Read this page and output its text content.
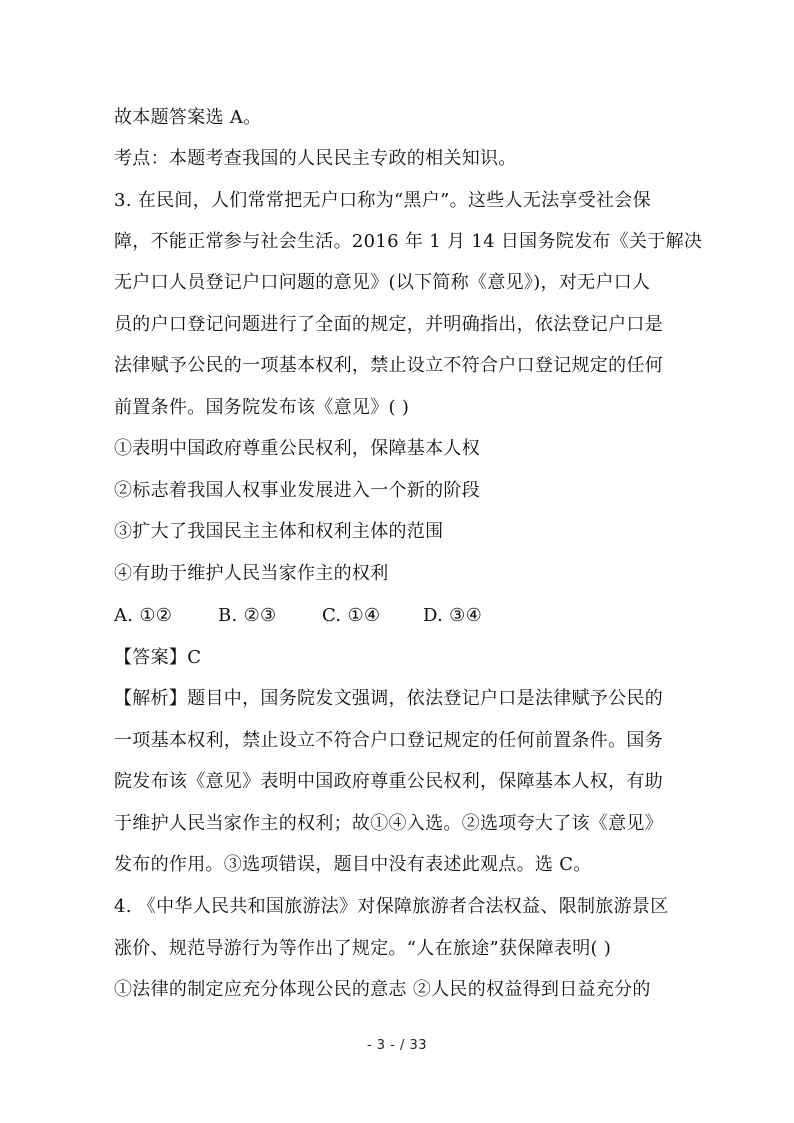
故本题答案选 A。
考点：本题考查我国的人民民主专政的相关知识。
3. 在民间，人们常常把无户口称为“黑户”。这些人无法享受社会保
障，不能正常参与社会生活。2016 年 1 月 14 日国务院发布《关于解决
无户口人员登记户口问题的意见》(以下简称《意见》)，对无户口人
员的户口登记问题进行了全面的规定，并明确指出，依法登记户口是
法律赋予公民的一项基本权利，禁止设立不符合户口登记规定的任何
前置条件。国务院发布该《意见》( )
①表明中国政府尊重公民权利，保障基本人权
②标志着我国人权事业发展进入一个新的阶段
③扩大了我国民主主体和权利主体的范围
④有助于维护人民当家作主的权利
A. ①②	B. ②③	C. ①④ D. ③④
【答案】C
【解析】题目中，国务院发文强调，依法登记户口是法律赋予公民的
一项基本权利，禁止设立不符合户口登记规定的任何前置条件。国务
院发布该《意见》表明中国政府尊重公民权利，保障基本人权，有助
于维护人民当家作主的权利；故①④入选。②选项夸大了该《意见》
发布的作用。③选项错误，题目中没有表述此观点。选 C。
4. 《中华人民共和国旅游法》对保障旅游者合法权益、限制旅游景区
涨价、规范导游行为等作出了规定。“人在旅途”获保障表明( )
①法律的制定应充分体现公民的意志 ②人民的权益得到日益充分的
- 3 - / 33
